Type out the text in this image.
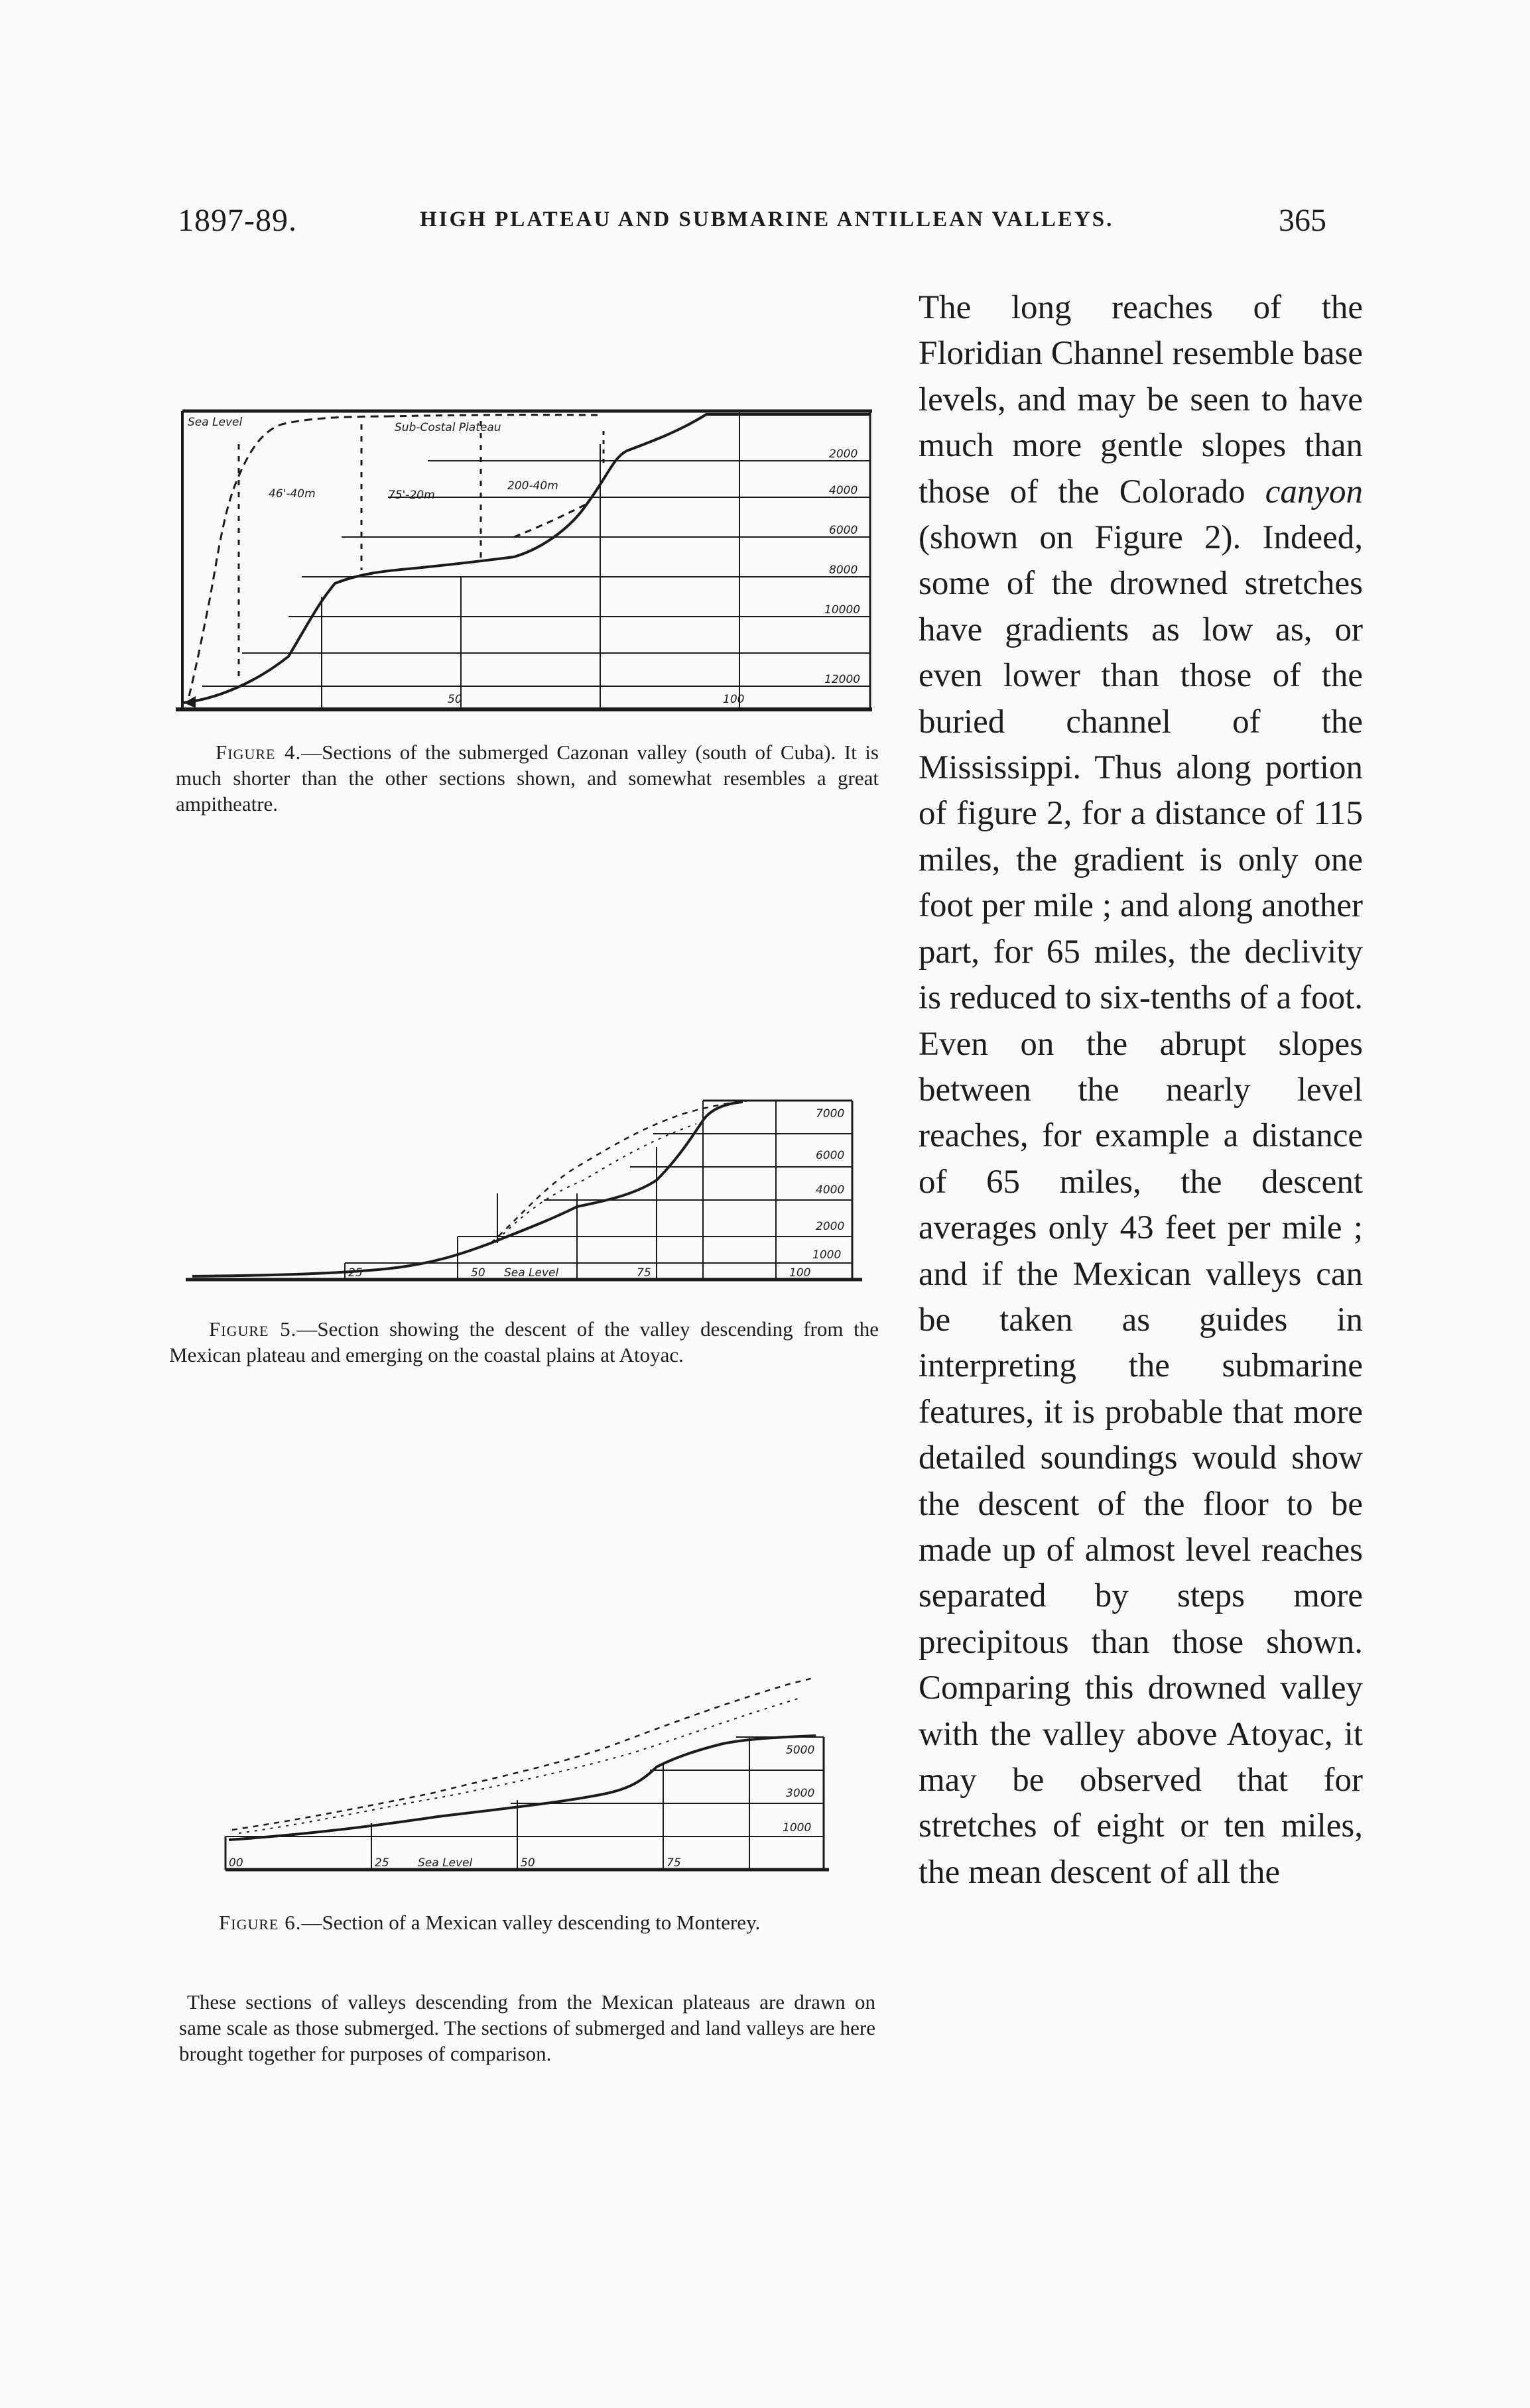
1897-89.	HIGH PLATEAU AND SUBMARINE ANTILLEAN VALLEYS.	365
Sea Level	Sub-Costal Plateau
2000
4000
6000
8000
10000
12000
50	100
46'-40m	75'-20m
200-40m
Figure 4.—Sections of the submerged Cazonan valley (south of Cuba). It is much shorter than the other sections shown, and somewhat resembles a great ampitheatre.
7000
6000
4000
2000
1000
Sea Level
25	50	75	100
Figure 5.—Section showing the descent of the valley descending from the Mexican plateau and emerging on the coastal plains at Atoyac.
5000
3000
1000
Sea Level
00	25	50	75
Figure 6.—Section of a Mexican valley descending to Monterey.
These sections of valleys descending from the Mexican plateaus are drawn on same scale as those submerged. The sections of submerged and land valleys are here brought together for purposes of comparison.

The long reaches of the Floridian Channel resemble base levels, and may be seen to have much more gentle slopes than those of the Colorado canyon (shown on Figure 2). Indeed, some of the drowned stretches have gradients as low as, or even lower than those of the buried channel of the Mississippi. Thus along portion of figure 2, for a distance of 115 miles, the gradient is only one foot per mile ; and along another part, for 65 miles, the declivity is reduced to six-tenths of a foot. Even on the abrupt slopes between the nearly level reaches, for example a distance of 65 miles, the descent averages only 43 feet per mile ; and if the Mexican valleys can be taken as guides in interpreting the submarine features, it is probable that more detailed soundings would show the descent of the floor to be made up of almost level reaches separated by steps more precipitous than those shown. Comparing this drowned valley with the valley above Atoyac, it may be observed that for stretches of eight or ten miles, the mean descent of all the
